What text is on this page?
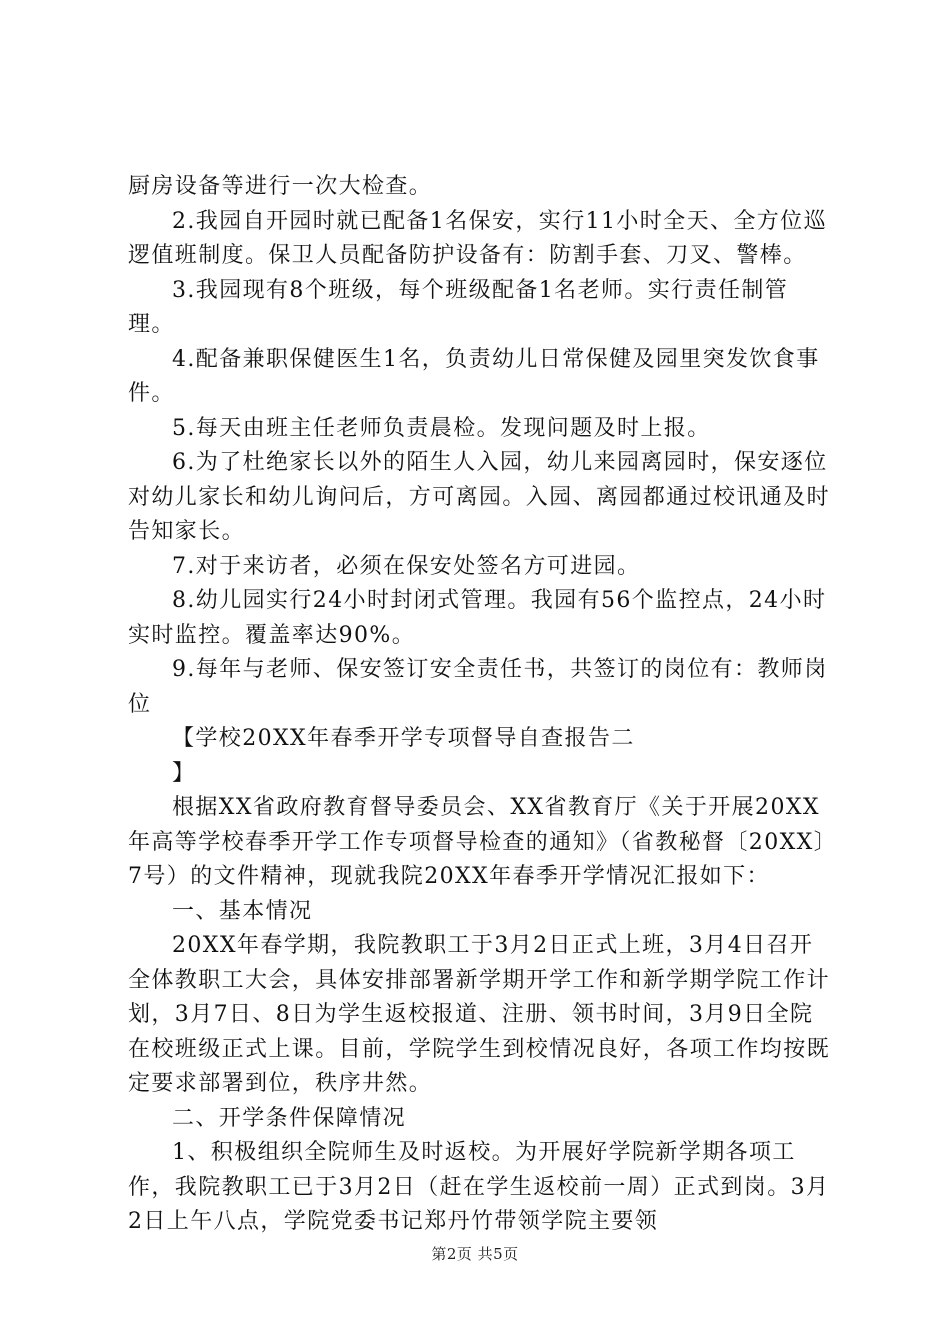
厨房设备等进行一次大检查。

2.我园自开园时就已配备1名保安，实行11小时全天、全方位巡逻值班制度。保卫人员配备防护设备有：防割手套、刀叉、警棒。

3.我园现有8个班级，每个班级配备1名老师。实行责任制管理。

4.配备兼职保健医生1名，负责幼儿日常保健及园里突发饮食事件。

5.每天由班主任老师负责晨检。发现问题及时上报。

6.为了杜绝家长以外的陌生人入园，幼儿来园离园时，保安逐位对幼儿家长和幼儿询问后，方可离园。入园、离园都通过校讯通及时告知家长。

7.对于来访者，必须在保安处签名方可进园。

8.幼儿园实行24小时封闭式管理。我园有56个监控点，24小时实时监控。覆盖率达90%。

9.每年与老师、保安签订安全责任书，共签订的岗位有：教师岗位

【学校20XX年春季开学专项督导自查报告二

】

根据XX省政府教育督导委员会、XX省教育厅《关于开展20XX年高等学校春季开学工作专项督导检查的通知》（省教秘督〔20XX〕7号）的文件精神，现就我院20XX年春季开学情况汇报如下：

一、基本情况

20XX年春学期，我院教职工于3月2日正式上班，3月4日召开全体教职工大会，具体安排部署新学期开学工作和新学期学院工作计划，3月7日、8日为学生返校报道、注册、领书时间，3月9日全院在校班级正式上课。目前，学院学生到校情况良好，各项工作均按既定要求部署到位，秩序井然。

二、开学条件保障情况

1、积极组织全院师生及时返校。为开展好学院新学期各项工作，我院教职工已于3月2日（赶在学生返校前一周）正式到岗。3月2日上午八点，学院党委书记郑丹竹带领学院主要领

第2页 共5页
